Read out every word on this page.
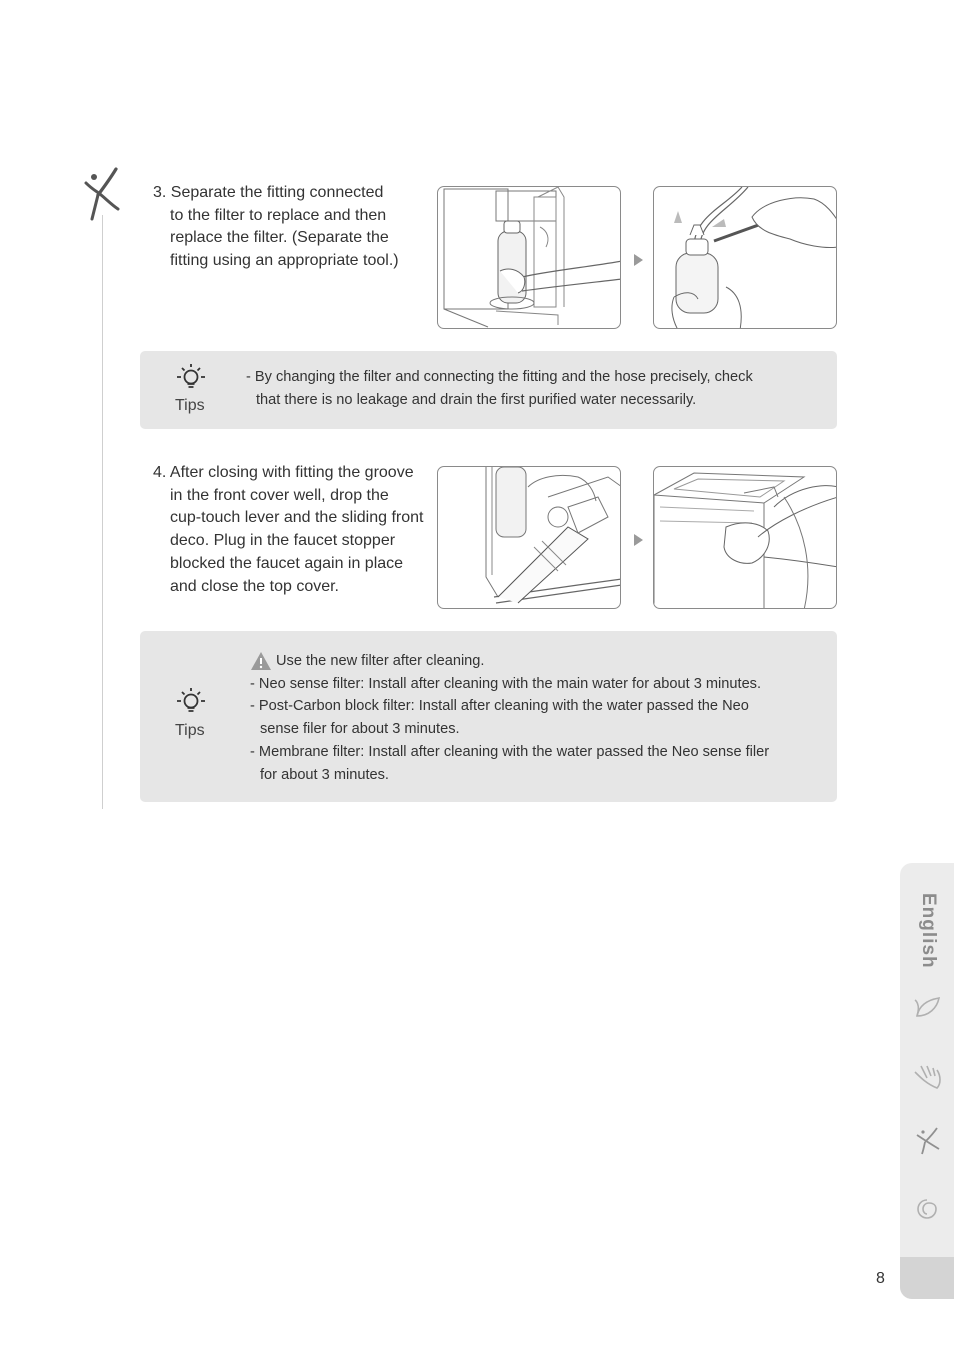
3. Separate the fitting connected
to the filter to replace and then
replace the filter. (Separate the
fitting using an appropriate tool.)
Tips
- By changing the filter and connecting the fitting and the hose precisely, check
that there is no leakage and drain the first purified water necessarily.
4. After closing with fitting the groove
in the front cover well, drop the
cup-touch lever and the sliding front
deco. Plug in the faucet stopper
blocked the faucet again in place
and close the top cover.
Tips
Use the new filter after cleaning.
- Neo sense filter: Install after cleaning with the main water for about 3 minutes.
- Post-Carbon block filter: Install after cleaning with the water passed the Neo
sense filer for about 3 minutes.
- Membrane filter: Install after cleaning with the water passed the Neo sense filer
for about 3 minutes.
English
8
